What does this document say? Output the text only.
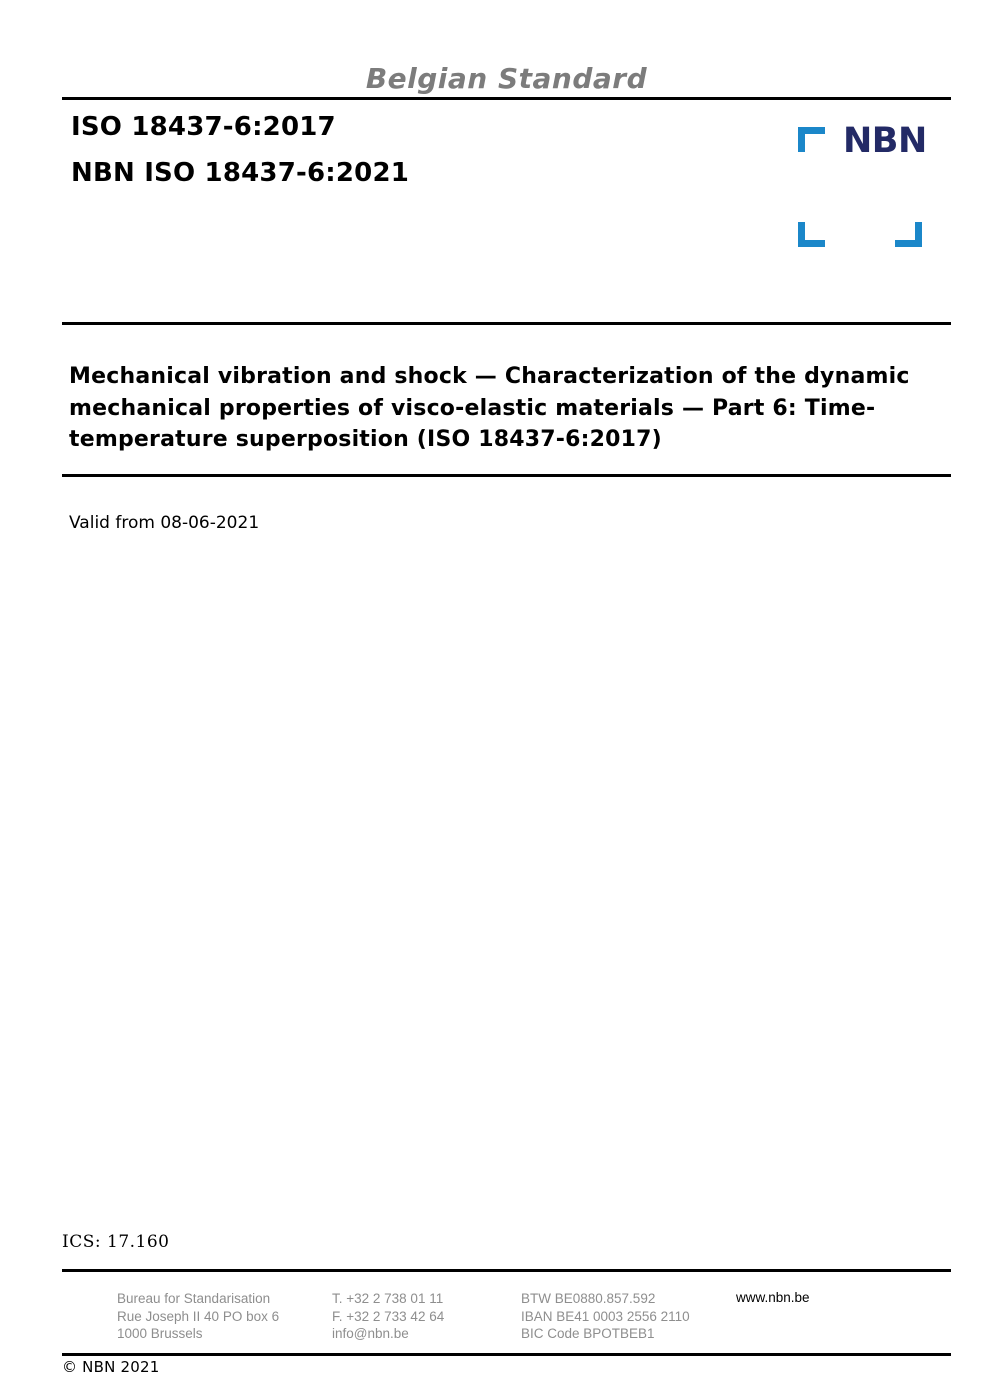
Belgian Standard
ISO 18437-6:2017
NBN ISO 18437-6:2021
NBN
Mechanical vibration and shock — Characterization of the dynamic
mechanical properties of visco-elastic materials — Part 6: Time-
temperature superposition (ISO 18437-6:2017)
Valid from 08-06-2021
ICS: 17.160
Bureau for Standarisation
Rue Joseph II 40 PO box 6
1000 Brussels
T. +32 2 738 01 11
F. +32 2 733 42 64
info@nbn.be
BTW BE0880.857.592
IBAN BE41 0003 2556 2110
BIC Code BPOTBEB1
www.nbn.be
© NBN 2021
